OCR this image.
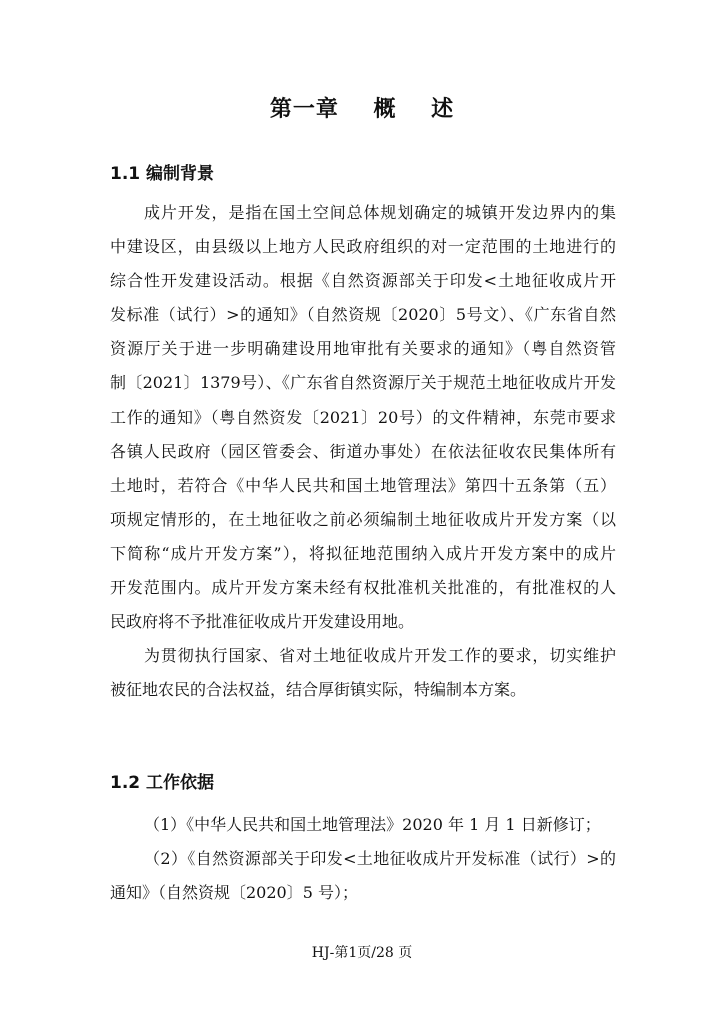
第一章    概    述
1.1 编制背景
成片开发，是指在国土空间总体规划确定的城镇开发边界内的集
中建设区，由县级以上地方人民政府组织的对一定范围的土地进行的
综合性开发建设活动。根据《自然资源部关于印发<土地征收成片开
发标准（试行）>的通知》（自然资规〔2020〕5号文）、《广东省自然
资源厅关于进一步明确建设用地审批有关要求的通知》（粤自然资管
制〔2021〕1379号）、《广东省自然资源厅关于规范土地征收成片开发
工作的通知》（粤自然资发〔2021〕20号）的文件精神，东莞市要求
各镇人民政府（园区管委会、街道办事处）在依法征收农民集体所有
土地时，若符合《中华人民共和国土地管理法》第四十五条第（五）
项规定情形的，在土地征收之前必须编制土地征收成片开发方案（以
下简称“成片开发方案”），将拟征地范围纳入成片开发方案中的成片
开发范围内。成片开发方案未经有权批准机关批准的，有批准权的人
民政府将不予批准征收成片开发建设用地。
为贯彻执行国家、省对土地征收成片开发工作的要求，切实维护
被征地农民的合法权益，结合厚街镇实际，特编制本方案。
1.2 工作依据
（1）《中华人民共和国土地管理法》2020 年 1 月 1 日新修订；
（2）《自然资源部关于印发<土地征收成片开发标准（试行）>的
通知》（自然资规〔2020〕5 号）；
HJ-第1页/28 页
